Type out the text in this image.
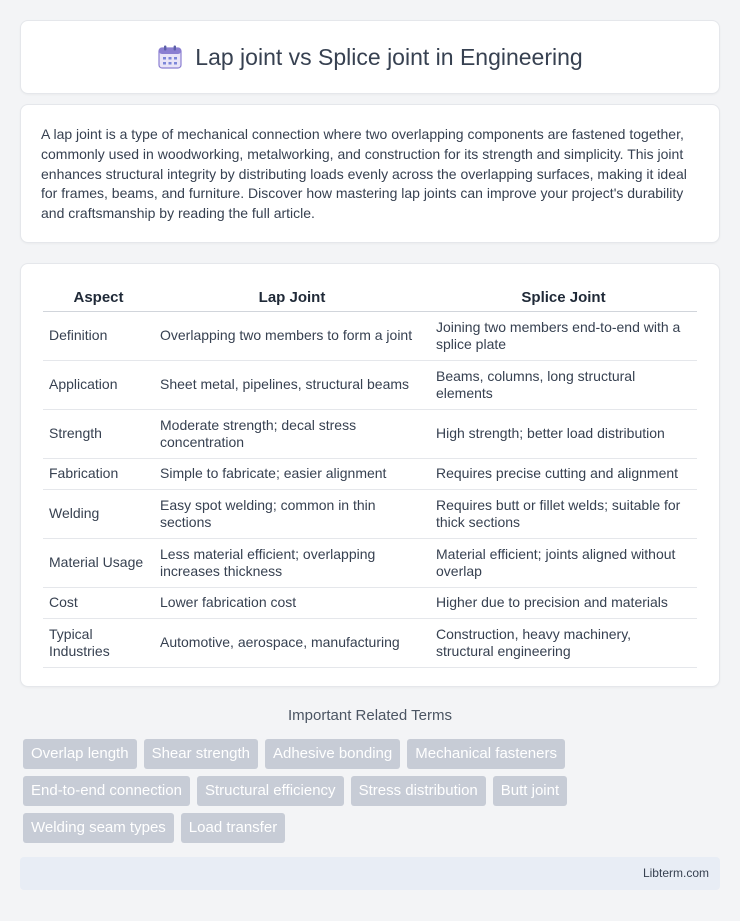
Lap joint vs Splice joint in Engineering

A lap joint is a type of mechanical connection where two overlapping components are fastened together, commonly used in woodworking, metalworking, and construction for its strength and simplicity. This joint enhances structural integrity by distributing loads evenly across the overlapping surfaces, making it ideal for frames, beams, and furniture. Discover how mastering lap joints can improve your project's durability and craftsmanship by reading the full article.

Aspect	Lap Joint	Splice Joint
Definition	Overlapping two members to form a joint	Joining two members end-to-end with a splice plate
Application	Sheet metal, pipelines, structural beams	Beams, columns, long structural elements
Strength	Moderate strength; decal stress concentration	High strength; better load distribution
Fabrication	Simple to fabricate; easier alignment	Requires precise cutting and alignment
Welding	Easy spot welding; common in thin sections	Requires butt or fillet welds; suitable for thick sections
Material Usage	Less material efficient; overlapping increases thickness	Material efficient; joints aligned without overlap
Cost	Lower fabrication cost	Higher due to precision and materials
Typical Industries	Automotive, aerospace, manufacturing	Construction, heavy machinery, structural engineering
Important Related Terms
Overlap length	Shear strength	Adhesive bonding	Mechanical fasteners
End-to-end connection	Structural efficiency	Stress distribution	Butt joint
Welding seam types	Load transfer
Libterm.com
